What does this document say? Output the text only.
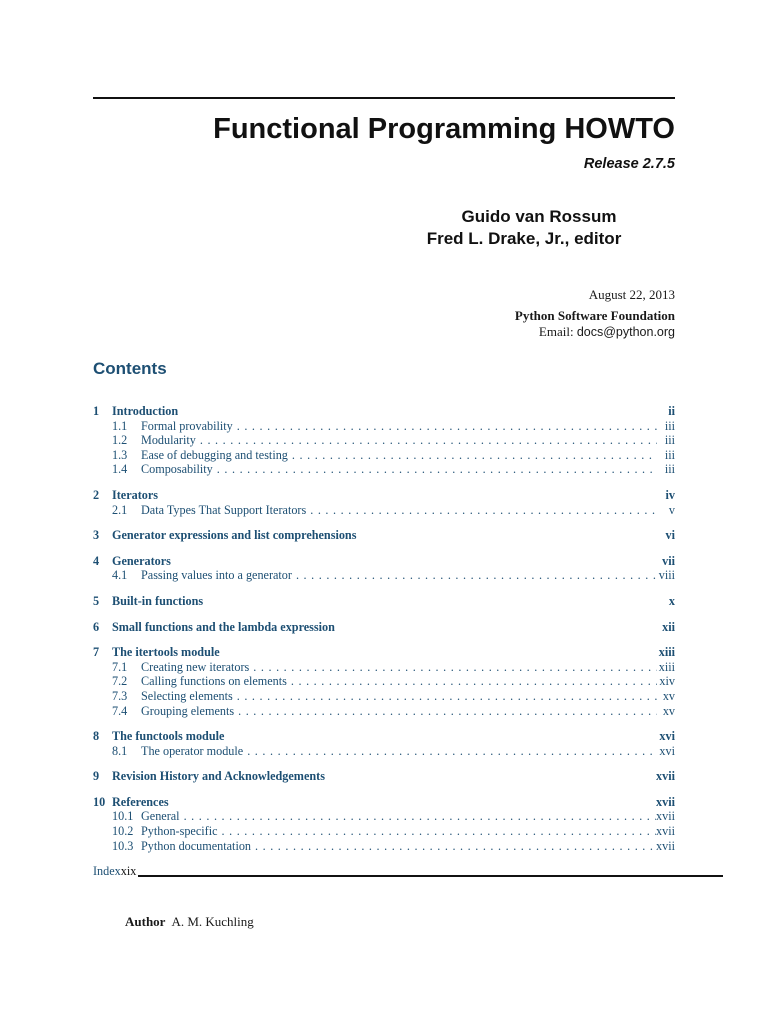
Functional Programming HOWTO
Release 2.7.5
Guido van Rossum
Fred L. Drake, Jr., editor
August 22, 2013
Python Software Foundation
Email: docs@python.org
Contents
1	Introduction	ii
1.1	Formal provability . . .	iii
1.2	Modularity . . .	iii
1.3	Ease of debugging and testing . . .	iii
1.4	Composability . . .	iii
2	Iterators	iv
2.1	Data Types That Support Iterators . . .	v
3	Generator expressions and list comprehensions	vi
4	Generators	vii
4.1	Passing values into a generator . . .	viii
5	Built-in functions	x
6	Small functions and the lambda expression	xii
7	The itertools module	xiii
7.1	Creating new iterators . . .	xiii
7.2	Calling functions on elements . . .	xiv
7.3	Selecting elements . . .	xv
7.4	Grouping elements . . .	xv
8	The functools module	xvi
8.1	The operator module . . .	xvi
9	Revision History and Acknowledgements	xvii
10 References	xvii
10.1 General . . .	xvii
10.2 Python-specific . . .	xvii
10.3 Python documentation . . .	xvii
Index xix
Author A. M. Kuchling
